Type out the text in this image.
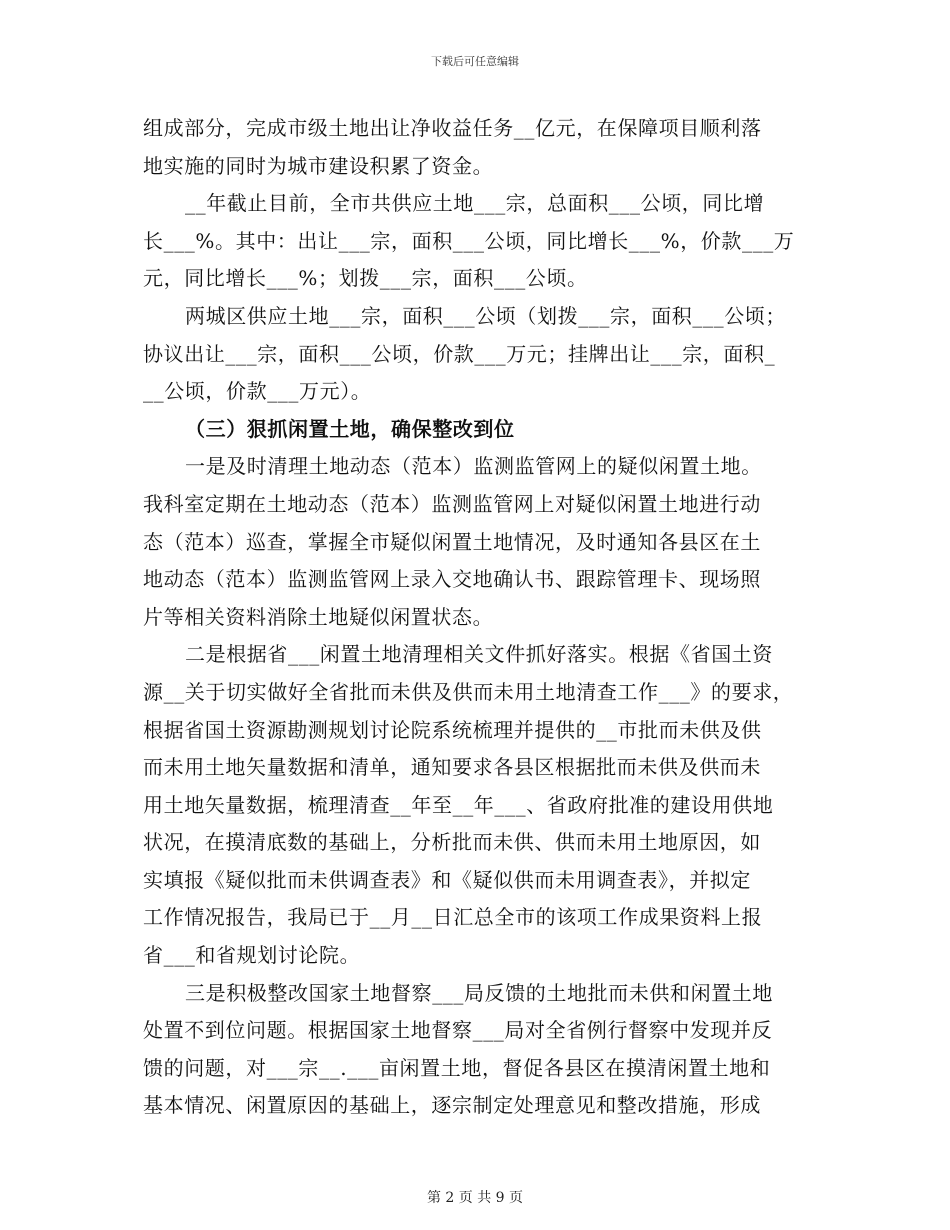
下载后可任意编辑
组成部分，完成市级土地出让净收益任务__亿元，在保障项目顺利落
地实施的同时为城市建设积累了资金。
__年截止目前，全市共供应土地___宗，总面积___公顷，同比增
长___%。其中：出让___宗，面积___公顷，同比增长___%，价款___万
元，同比增长___%；划拨___宗，面积___公顷。
两城区供应土地___宗，面积___公顷（划拨___宗，面积___公顷；
协议出让___宗，面积___公顷，价款___万元；挂牌出让___宗，面积_
__公顷，价款___万元）。
（三）狠抓闲置土地，确保整改到位
一是及时清理土地动态（范本）监测监管网上的疑似闲置土地。
我科室定期在土地动态（范本）监测监管网上对疑似闲置土地进行动
态（范本）巡查，掌握全市疑似闲置土地情况，及时通知各县区在土
地动态（范本）监测监管网上录入交地确认书、跟踪管理卡、现场照
片等相关资料消除土地疑似闲置状态。
二是根据省___闲置土地清理相关文件抓好落实。根据《省国土资
源__关于切实做好全省批而未供及供而未用土地清查工作___》的要求，
根据省国土资源勘测规划讨论院系统梳理并提供的__市批而未供及供
而未用土地矢量数据和清单，通知要求各县区根据批而未供及供而未
用土地矢量数据，梳理清查__年至__年___、省政府批准的建设用供地
状况，在摸清底数的基础上，分析批而未供、供而未用土地原因，如
实填报《疑似批而未供调查表》和《疑似供而未用调查表》，并拟定
工作情况报告，我局已于__月__日汇总全市的该项工作成果资料上报
省___和省规划讨论院。
三是积极整改国家土地督察___局反馈的土地批而未供和闲置土地
处置不到位问题。根据国家土地督察___局对全省例行督察中发现并反
馈的问题，对___宗__.___亩闲置土地，督促各县区在摸清闲置土地和
基本情况、闲置原因的基础上，逐宗制定处理意见和整改措施，形成
第 2 页 共 9 页
